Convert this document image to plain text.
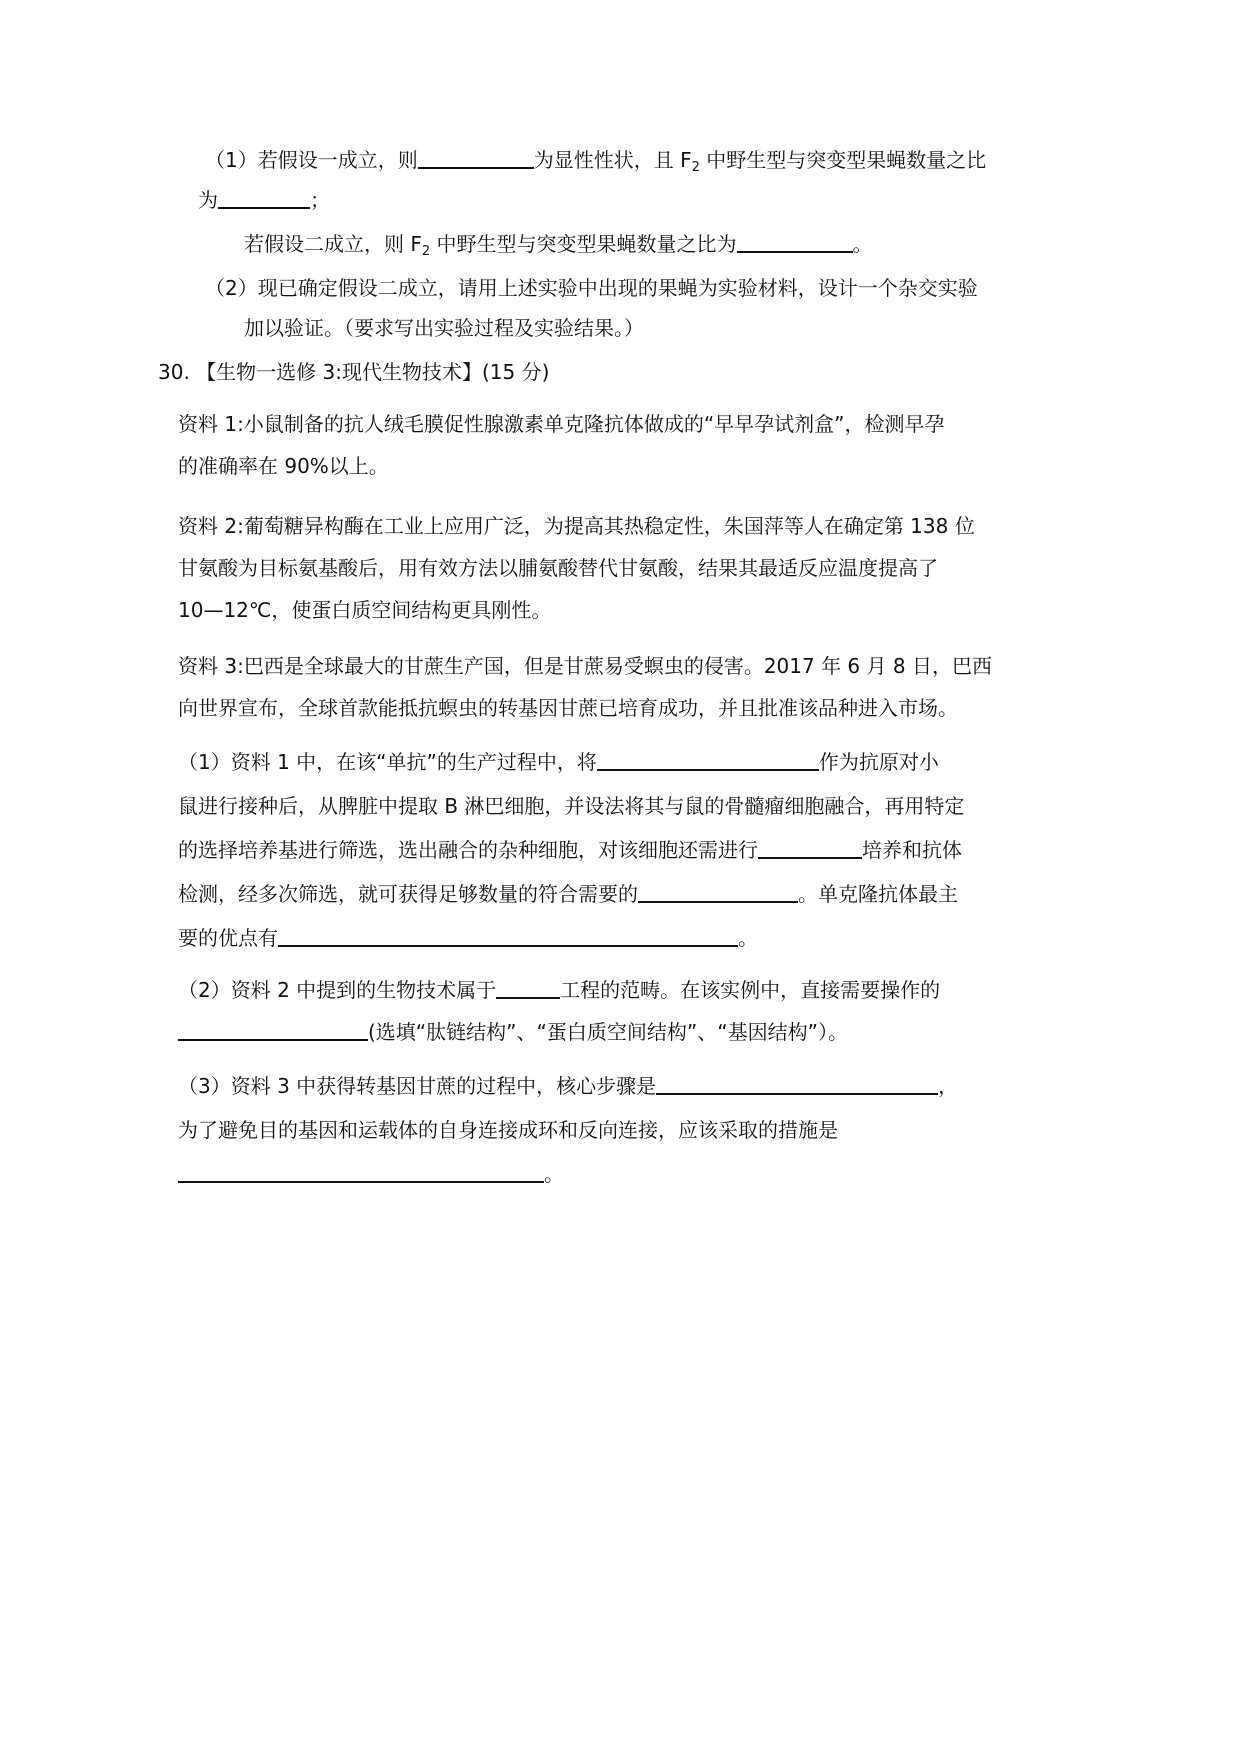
（1）若假设一成立，则	为显性性状，且 $F_2$ 中野生型与突变型果蝇数量之比
为	；
若假设二成立，则 $F_2$ 中野生型与突变型果蝇数量之比为	。
（2）现已确定假设二成立，请用上述实验中出现的果蝇为实验材料，设计一个杂交实验
加以验证。（要求写出实验过程及实验结果。）
30. 【生物一选修 3:现代生物技术】(15 分)
资料 1:小鼠制备的抗人绒毛膜促性腺激素单克隆抗体做成的“早早孕试剂盒”，检测早孕
的准确率在 90%以上。
资料 2:葡萄糖异构酶在工业上应用广泛，为提高其热稳定性，朱国萍等人在确定第 138 位
甘氨酸为目标氨基酸后，用有效方法以脯氨酸替代甘氨酸，结果其最适反应温度提高了
10—12℃，使蛋白质空间结构更具刚性。
资料 3:巴西是全球最大的甘蔗生产国，但是甘蔗易受螟虫的侵害。2017 年 6 月 8 日，巴西
向世界宣布，全球首款能抵抗螟虫的转基因甘蔗已培育成功，并且批准该品种进入市场。
（1）资料 1 中，在该“单抗”的生产过程中，将	作为抗原对小
鼠进行接种后，从脾脏中提取 B 淋巴细胞，并设法将其与鼠的骨髓瘤细胞融合，再用特定
的选择培养基进行筛选，选出融合的杂种细胞，对该细胞还需进行	培养和抗体
检测，经多次筛选，就可获得足够数量的符合需要的	。单克隆抗体最主
要的优点有	。
（2）资料 2 中提到的生物技术属于	工程的范畴。在该实例中，直接需要操作的
(选填“肽链结构”、“蛋白质空间结构”、“基因结构”）。
（3）资料 3 中获得转基因甘蔗的过程中，核心步骤是	，
为了避免目的基因和运载体的自身连接成环和反向连接，应该采取的措施是
。
